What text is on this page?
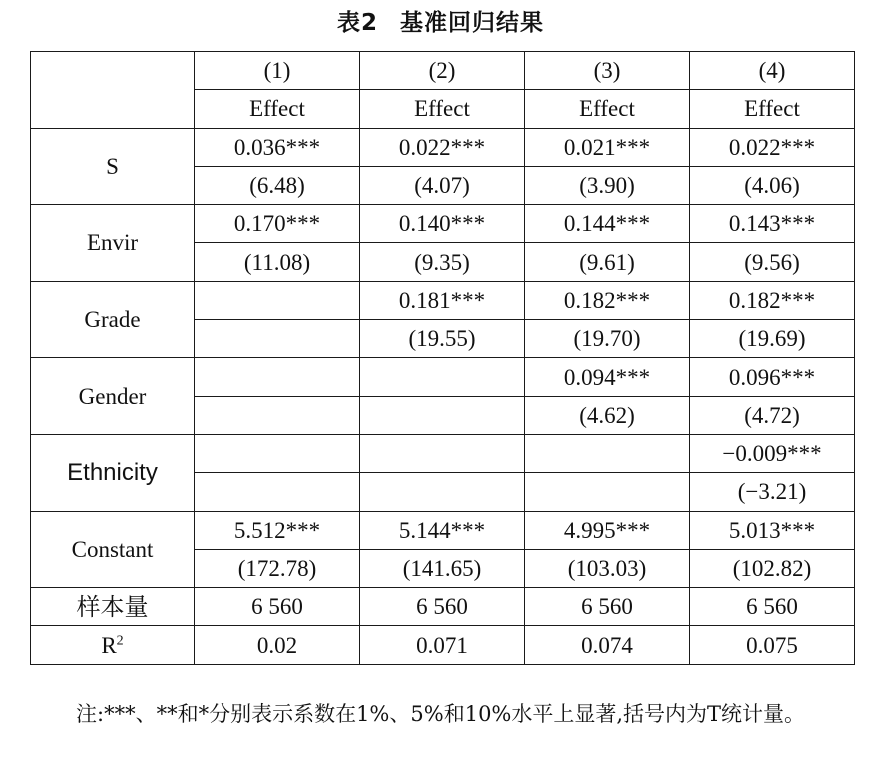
表2 基准回归结果
	(1)	(2)	(3)	(4)
	Effect	Effect	Effect	Effect
S	0.036***	0.022***	0.021***	0.022***
	(6.48)	(4.07)	(3.90)	(4.06)
Envir	0.170***	0.140***	0.144***	0.143***
	(11.08)	(9.35)	(9.61)	(9.56)
Grade		0.181***	0.182***	0.182***
		(19.55)	(19.70)	(19.69)
Gender			0.094***	0.096***
			(4.62)	(4.72)
Ethnicity				−0.009***
				(−3.21)
Constant	5.512***	5.144***	4.995***	5.013***
	(172.78)	(141.65)	(103.03)	(102.82)
样本量	6 560	6 560	6 560	6 560
$R^2$	0.02	0.071	0.074	0.075
注:***、**和*分别表示系数在1%、5%和10%水平上显著,括号内为T统计量。
